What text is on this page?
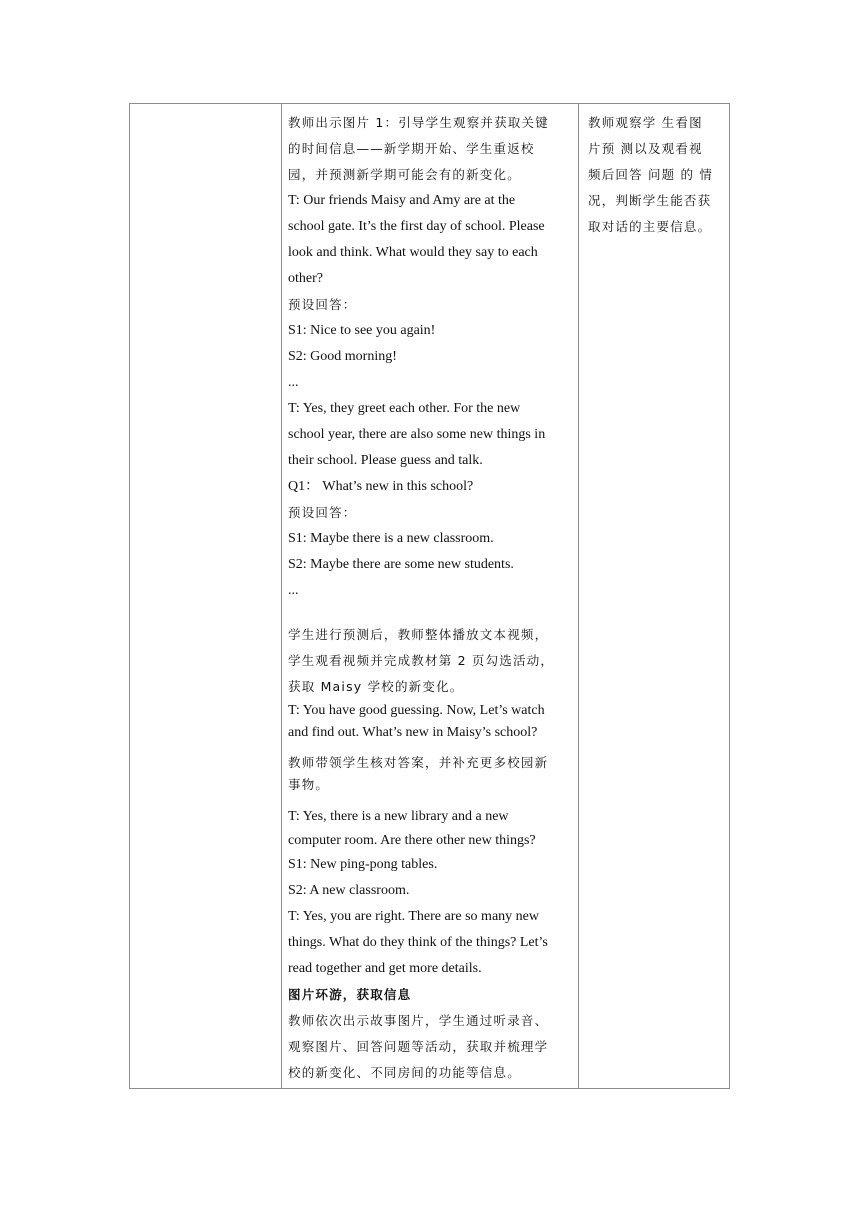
教师出示图片 1：引导学生观察并获取关键
的时间信息——新学期开始、学生重返校
园，并预测新学期可能会有的新变化。
T: Our friends Maisy and Amy are at the
school gate. It’s the first day of school. Please
look and think. What would they say to each
other?
预设回答：
S1: Nice to see you again!
S2: Good morning!
...
T: Yes, they greet each other. For the new
school year, there are also some new things in
their school. Please guess and talk.
Q1： What’s new in this school?
预设回答：
S1: Maybe there is a new classroom.
S2: Maybe there are some new students.
...
学生进行预测后，教师整体播放文本视频，
学生观看视频并完成教材第 2 页勾选活动，
获取 Maisy 学校的新变化。
T: You have good guessing. Now, Let’s watch
and find out. What’s new in Maisy’s school?
教师带领学生核对答案，并补充更多校园新
事物。
T: Yes, there is a new library and a new
computer room. Are there other new things?
S1: New ping-pong tables.
S2: A new classroom.
T: Yes, you are right. There are so many new
things. What do they think of the things? Let’s
read together and get more details.
图片环游，获取信息
教师依次出示故事图片，学生通过听录音、
观察图片、回答问题等活动，获取并梳理学
校的新变化、不同房间的功能等信息。
教师观察学 生看图
片预 测以及观看视
频后回答 问题 的 情
况，判断学生能否获
取对话的主要信息。
